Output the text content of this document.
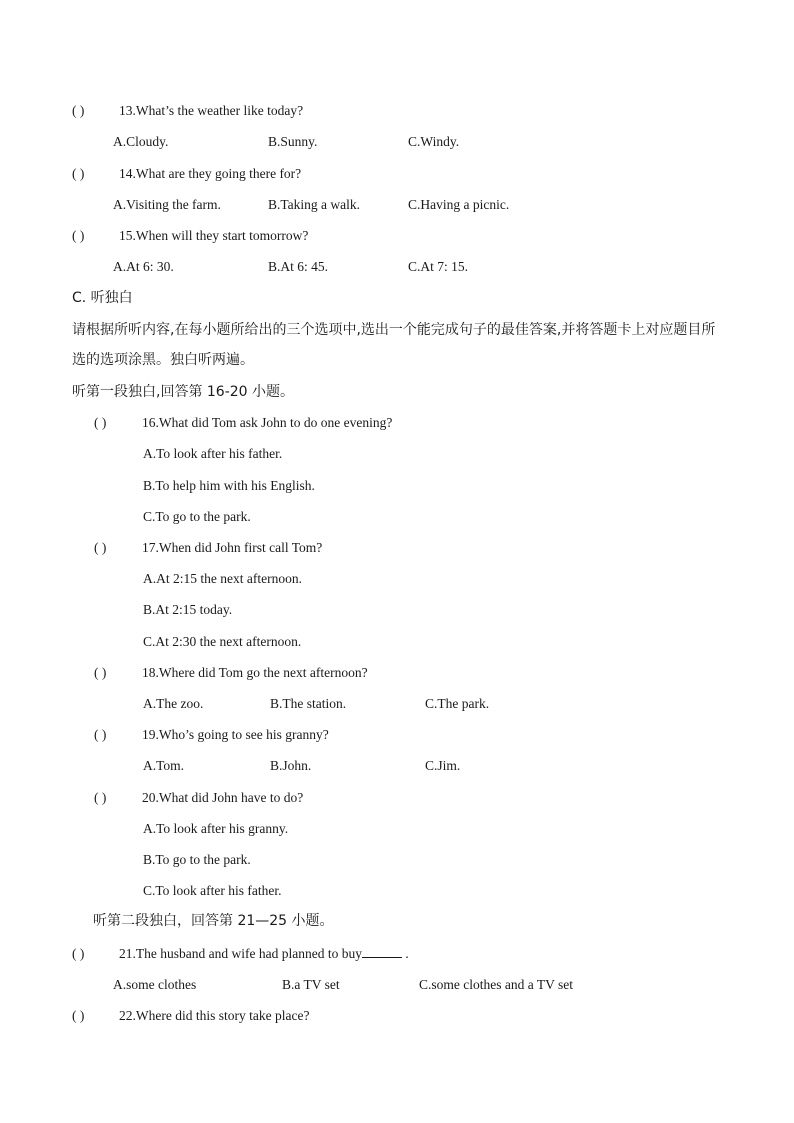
( )	13.What’s the weather like today?
A.Cloudy.	B.Sunny.	C.Windy.
( )	14.What are they going there for?
A.Visiting the farm.	B.Taking a walk.	C.Having a picnic.
( )	15.When will they start tomorrow?
A.At 6: 30.	B.At 6: 45.	C.At 7: 15.
C. 听独白
请根据所听内容,在每小题所给出的三个选项中,选出一个能完成句子的最佳答案,并将答题卡上对应题目所
选的选项涂黑。独白听两遍。
听第一段独白,回答第 16-20 小题。
( )	16.What did Tom ask John to do one evening?
A.To look after his father.
B.To help him with his English.
C.To go to the park.
( )	17.When did John first call Tom?
A.At 2:15 the next afternoon.
B.At 2:15 today.
C.At 2:30 the next afternoon.
( )	18.Where did Tom go the next afternoon?
A.The zoo.	B.The station.	C.The park.
( )	19.Who’s going to see his granny?
A.Tom.	B.John.	C.Jim.
( )	20.What did John have to do?
A.To look after his granny.
B.To go to the park.
C.To look after his father.
听第二段独白，回答第 21—25 小题。
( )	21.The husband and wife had planned to buy	.
A.some clothes	B.a TV set	C.some clothes and a TV set
( )	22.Where did this story take place?
